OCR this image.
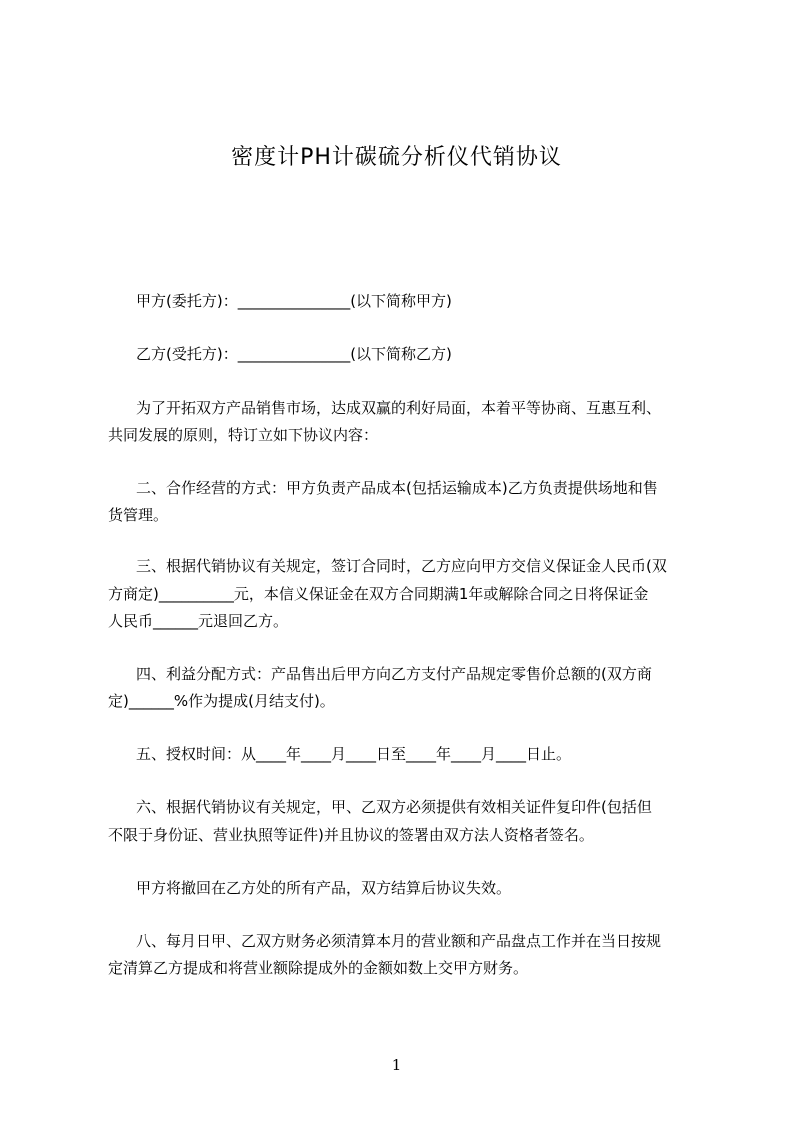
密度计PH计碳硫分析仪代销协议

甲方(委托方)：_______________(以下简称甲方)

乙方(受托方)：_______________(以下简称乙方)

为了开拓双方产品销售市场，达成双赢的利好局面，本着平等协商、互惠互利、

共同发展的原则，特订立如下协议内容：

二、合作经营的方式：甲方负责产品成本(包括运输成本)乙方负责提供场地和售

货管理。

三、根据代销协议有关规定，签订合同时，乙方应向甲方交信义保证金人民币(双

方商定)__________元，本信义保证金在双方合同期满1年或解除合同之日将保证金

人民币______元退回乙方。

四、利益分配方式：产品售出后甲方向乙方支付产品规定零售价总额的(双方商

定)______%作为提成(月结支付)。

五、授权时间：从____年____月____日至____年____月____日止。

六、根据代销协议有关规定，甲、乙双方必须提供有效相关证件复印件(包括但

不限于身份证、营业执照等证件)并且协议的签署由双方法人资格者签名。

甲方将撤回在乙方处的所有产品，双方结算后协议失效。

八、每月日甲、乙双方财务必须清算本月的营业额和产品盘点工作并在当日按规

定清算乙方提成和将营业额除提成外的金额如数上交甲方财务。

1
